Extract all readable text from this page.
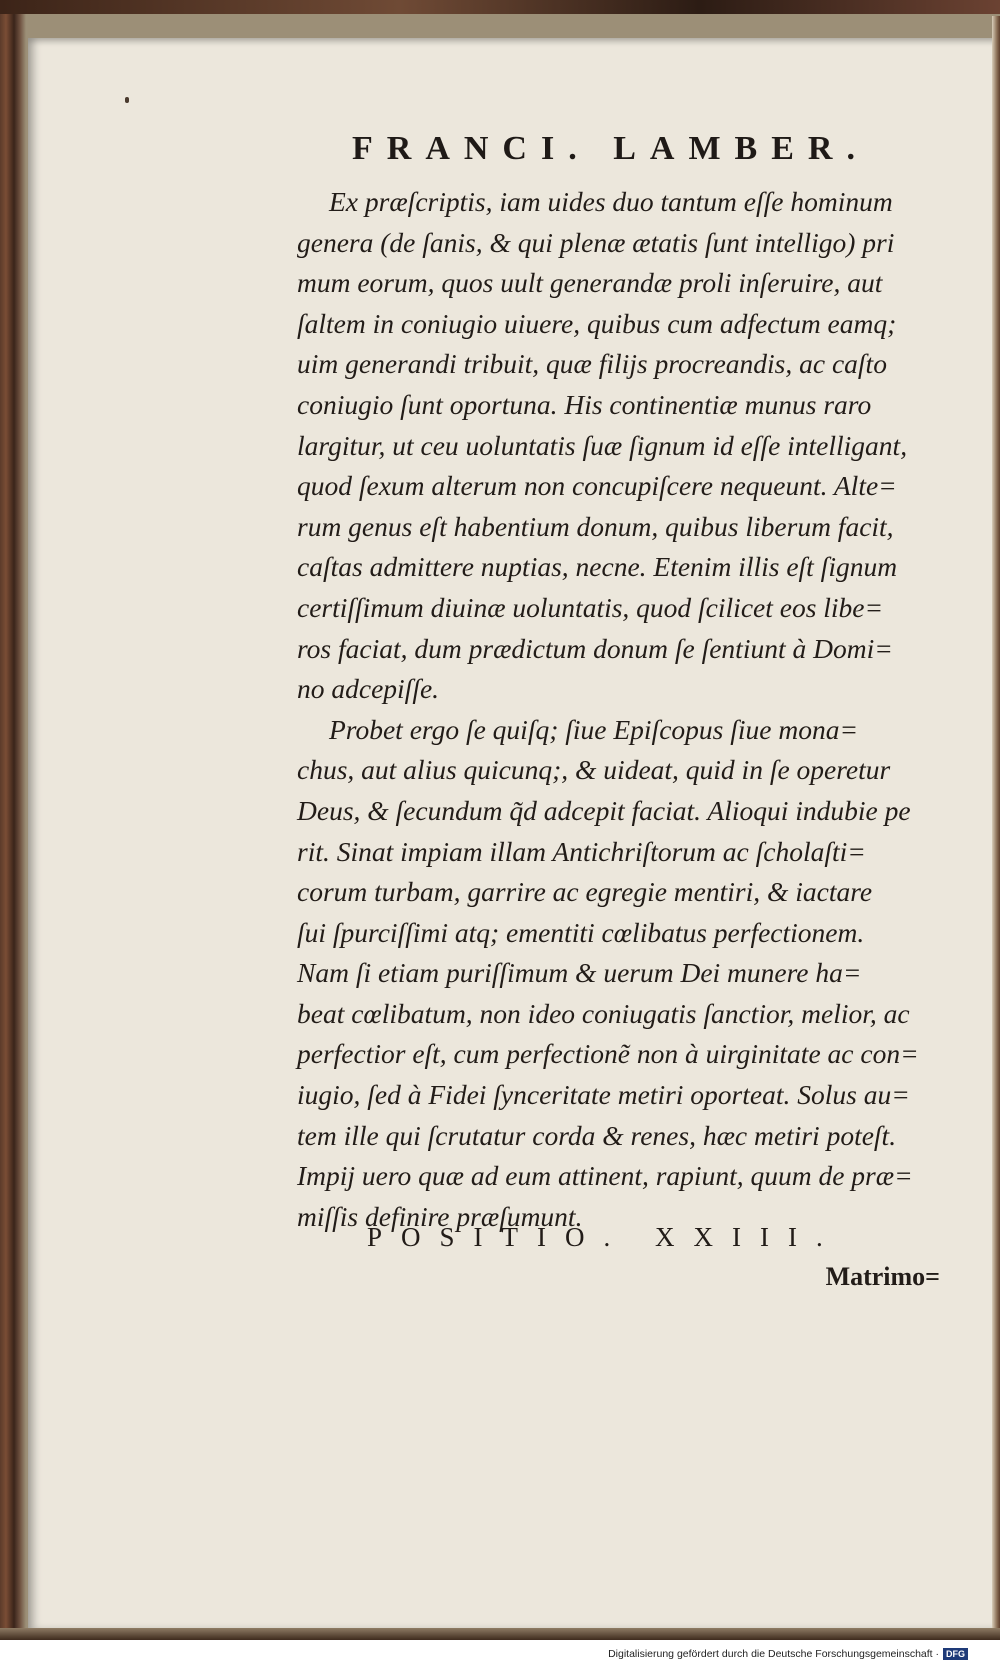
FRANCI. LAMBER.
Ex præſcriptis, iam uides duo tantum eſſe hominum
genera (de ſanis, & qui plenæ ætatis ſunt intelligo) pri
mum eorum, quos uult generandæ proli inſeruire, aut
ſaltem in coniugio uiuere, quibus cum adfectum eamq;
uim generandi tribuit, quæ filijs procreandis, ac caſto
coniugio ſunt oportuna. His continentiæ munus raro
largitur, ut ceu uoluntatis ſuæ ſignum id eſſe intelligant,
quod ſexum alterum non concupiſcere nequeunt. Alte=
rum genus eſt habentium donum, quibus liberum facit,
caſtas admittere nuptias, necne. Etenim illis eſt ſignum
certiſſimum diuinæ uoluntatis, quod ſcilicet eos libe=
ros faciat, dum prædictum donum ſe ſentiunt à Domi=
no adcepiſſe.
Probet ergo ſe quiſq; ſiue Epiſcopus ſiue mona=
chus, aut alius quicunq;, & uideat, quid in ſe operetur
Deus, & ſecundum q̃d adcepit faciat. Alioqui indubie pe
rit. Sinat impiam illam Antichriſtorum ac ſcholaſti=
corum turbam, garrire ac egregie mentiri, & iactare
ſui ſpurciſſimi atq; ementiti cœlibatus perfectionem.
Nam ſi etiam puriſſimum & uerum Dei munere ha=
beat cœlibatum, non ideo coniugatis ſanctior, melior, ac
perfectior eſt, cum perfectionẽ non à uirginitate ac con=
iugio, ſed à Fidei ſynceritate metiri oporteat. Solus au=
tem ille qui ſcrutatur corda & renes, hæc metiri poteſt.
Impij uero quæ ad eum attinent, rapiunt, quum de præ=
miſſis definire præſumunt.
POSITIO. XXIII.
Matrimo=
Digitalisierung gefördert durch die Deutsche Forschungsgemeinschaft · DFG
